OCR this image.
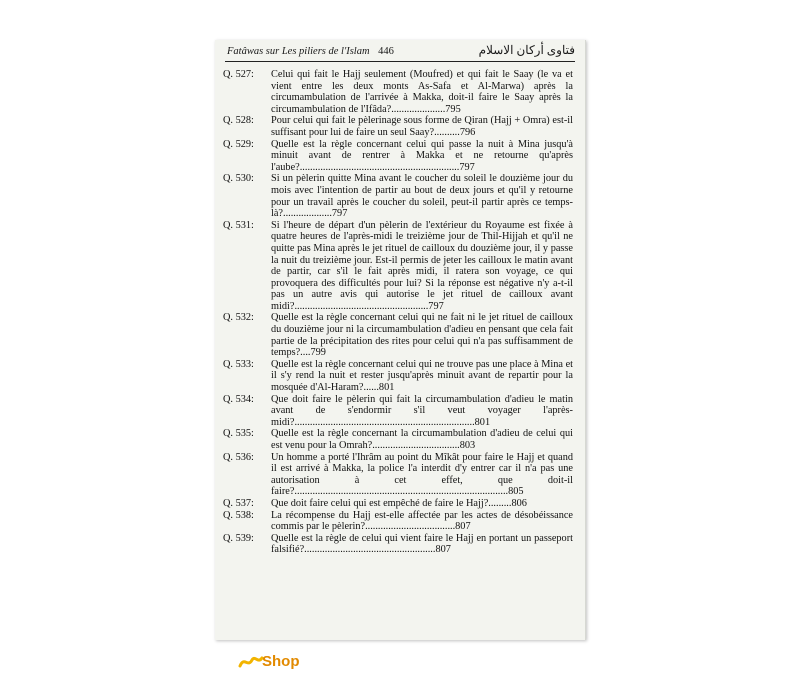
Fatâwas sur Les piliers de l'Islam 446	فتاوى أركان الاسلام
Q. 527:	Celui qui fait le Hajj seulement (Moufred) et qui fait le Saay (le va et vient entre les deux monts As-Safa et Al-Marwa) après la circumambulation de l'arrivée à Makka, doit-il faire le Saay après la circumambulation de l'Ifâda?.....................795
Q. 528:	Pour celui qui fait le pèlerinage sous forme de Qiran (Hajj + Omra) est-il suffisant pour lui de faire un seul Saay?..........796
Q. 529:	Quelle est la règle concernant celui qui passe la nuit à Mina jusqu'à minuit avant de rentrer à Makka et ne retourne qu'après l'aube?..............................................................797
Q. 530:	Si un pèlerin quitte Mina avant le coucher du soleil le douzième jour du mois avec l'intention de partir au bout de deux jours et qu'il y retourne pour un travail après le coucher du soleil, peut-il partir après ce temps-là?...................797
Q. 531:	Si l'heure de départ d'un pèlerin de l'extérieur du Royaume est fixée à quatre heures de l'après-midi le treizième jour de Thil-Hijjah et qu'il ne quitte pas Mina après le jet rituel de cailloux du douzième jour, il y passe la nuit du treizième jour. Est-il permis de jeter les cailloux le matin avant de partir, car s'il le fait après midi, il ratera son voyage, ce qui provoquera des difficultés pour lui? Si la réponse est négative n'y a-t-il pas un autre avis qui autorise le jet rituel de cailloux avant midi?....................................................797
Q. 532:	Quelle est la règle concernant celui qui ne fait ni le jet rituel de cailloux du douzième jour ni la circumambulation d'adieu en pensant que cela fait partie de la précipitation des rites pour celui qui n'a pas suffisamment de temps?....799
Q. 533:	Quelle est la règle concernant celui qui ne trouve pas une place à Mina et il s'y rend la nuit et rester jusqu'après minuit avant de repartir pour la mosquée d'Al-Haram?......801
Q. 534:	Que doit faire le pèlerin qui fait la circumambulation d'adieu le matin avant de s'endormir s'il veut voyager l'après-midi?......................................................................801
Q. 535:	Quelle est la règle concernant la circumambulation d'adieu de celui qui est venu pour la Omrah?..................................803
Q. 536:	Un homme a porté l'Ihrâm au point du Mîkât pour faire le Hajj et quand il est arrivé à Makka, la police l'a interdit d'y entrer car il n'a pas une autorisation à cet effet, que doit-il faire?...................................................................................805
Q. 537:	Que doit faire celui qui est empêché de faire le Hajj?.........806
Q. 538:	La récompense du Hajj est-elle affectée par les actes de désobéissance commis par le pèlerin?...................................807
Q. 539:	Quelle est la règle de celui qui vient faire le Hajj en portant un passeport falsifié?...................................................807
Shop
